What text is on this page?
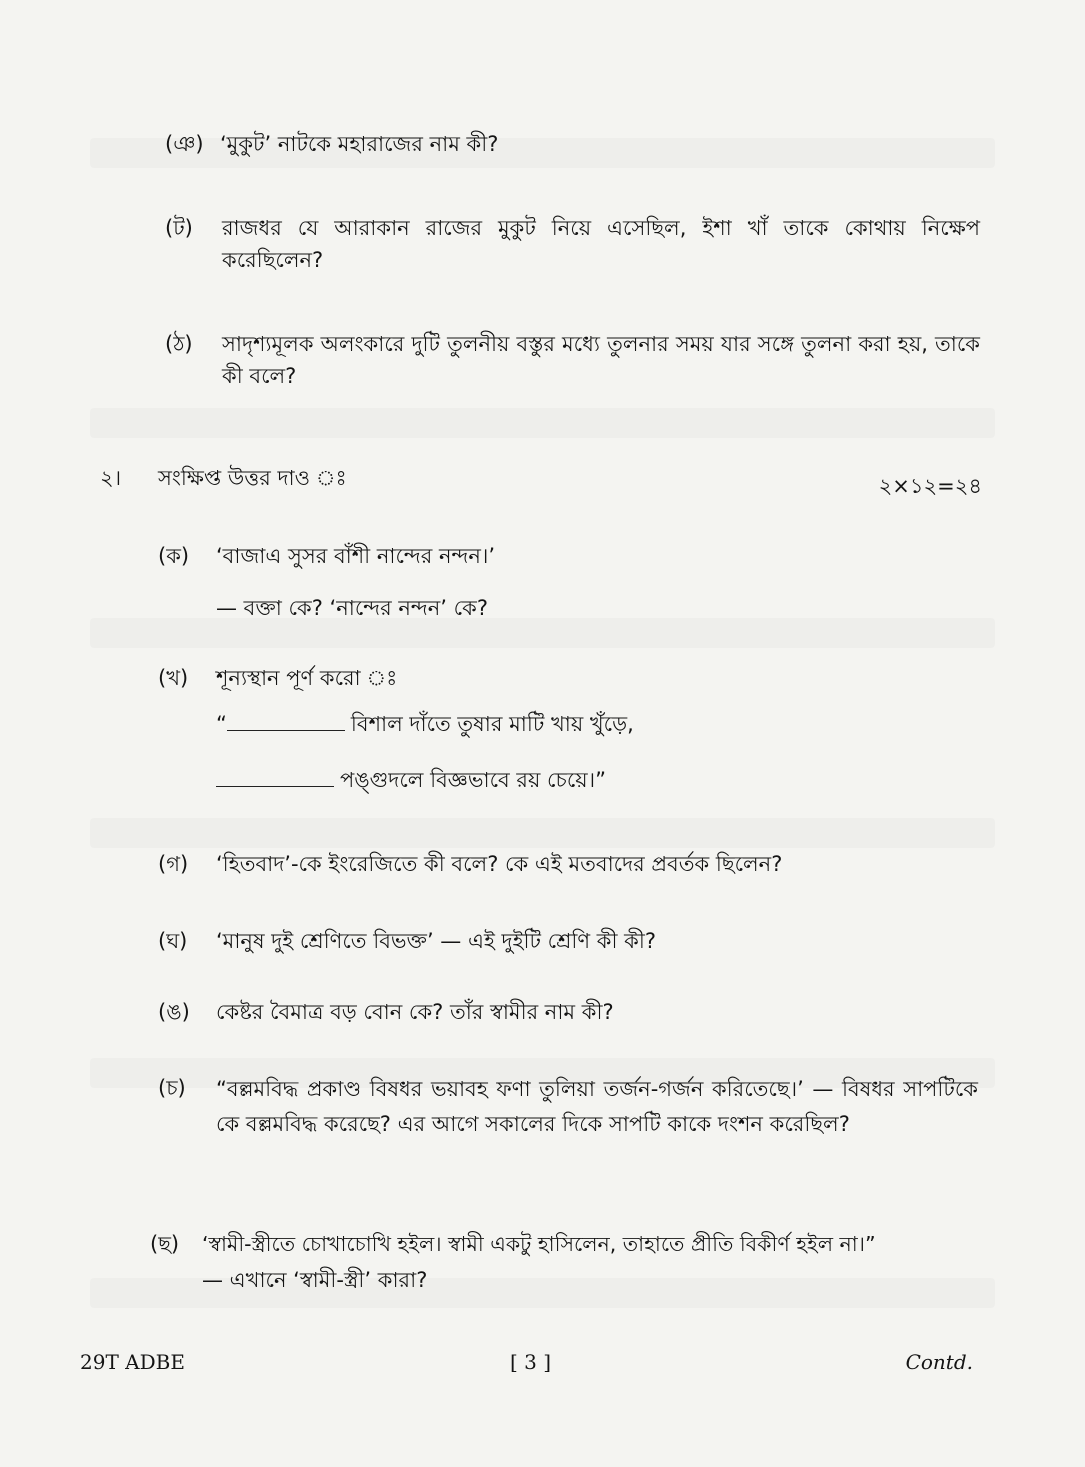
(ঞ) ‘মুকুট’ নাটকে মহারাজের নাম কী?
(ট) রাজধর যে আরাকান রাজের মুকুট নিয়ে এসেছিল, ইশা খাঁ তাকে কোথায় নিক্ষেপ করেছিলেন?
(ঠ) সাদৃশ্যমূলক অলংকারে দুটি তুলনীয় বস্তুর মধ্যে তুলনার সময় যার সঙ্গে তুলনা করা হয়, তাকে কী বলে?
২। সংক্ষিপ্ত উত্তর দাও ঃ	২×১২=২৪
(ক) ‘বাজাএ সুসর বাঁশী নান্দের নন্দন।’
— বক্তা কে? ‘নান্দের নন্দন’ কে?
(খ) শূন্যস্থান পূর্ণ করো ঃ
“	বিশাল দাঁতে তুষার মাটি খায় খুঁড়ে,
পঙ্গুদলে বিজ্ঞভাবে রয় চেয়ে।”
(গ) ‘হিতবাদ’-কে ইংরেজিতে কী বলে? কে এই মতবাদের প্রবর্তক ছিলেন?
(ঘ) ‘মানুষ দুই শ্রেণিতে বিভক্ত’ — এই দুইটি শ্রেণি কী কী?
(ঙ) কেষ্টর বৈমাত্র বড় বোন কে? তাঁর স্বামীর নাম কী?
(চ) “বল্লমবিদ্ধ প্রকাণ্ড বিষধর ভয়াবহ ফণা তুলিয়া তর্জন-গর্জন করিতেছে।’ — বিষধর সাপটিকে কে বল্লমবিদ্ধ করেছে? এর আগে সকালের দিকে সাপটি কাকে দংশন করেছিল?
(ছ) ‘স্বামী-স্ত্রীতে চোখাচোখি হইল। স্বামী একটু হাসিলেন, তাহাতে প্রীতি বিকীর্ণ হইল না।”
— এখানে ‘স্বামী-স্ত্রী’ কারা?
29T ADBE	[ 3 ]	Contd.
